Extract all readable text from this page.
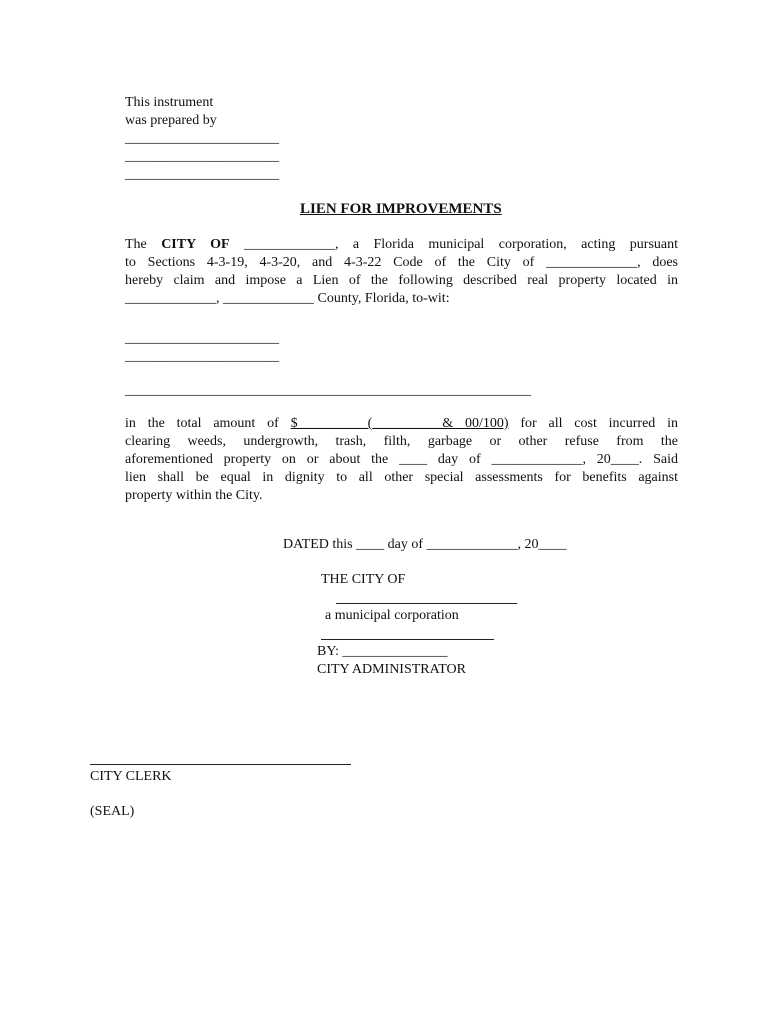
This instrument
was prepared by
______________________
______________________
______________________
LIEN FOR IMPROVEMENTS
The CITY OF _____________, a Florida municipal corporation, acting pursuant
to Sections 4-3-19, 4-3-20, and 4-3-22 Code of the City of _____________, does
hereby claim and impose a Lien of the following described real property located in
_____________, _____________ County, Florida, to-wit:
______________________
______________________
__________________________________________________________
in the total amount of $__________(__________& 00/100) for all cost incurred in
clearing weeds, undergrowth, trash, filth, garbage or other refuse from the
aforementioned property on or about the ____ day of _____________, 20____. Said
lien shall be equal in dignity to all other special assessments for benefits against
property within the City.
DATED this ____ day of _____________, 20____
THE CITY OF
a municipal corporation
BY: _______________
CITY ADMINISTRATOR
CITY CLERK
(SEAL)
